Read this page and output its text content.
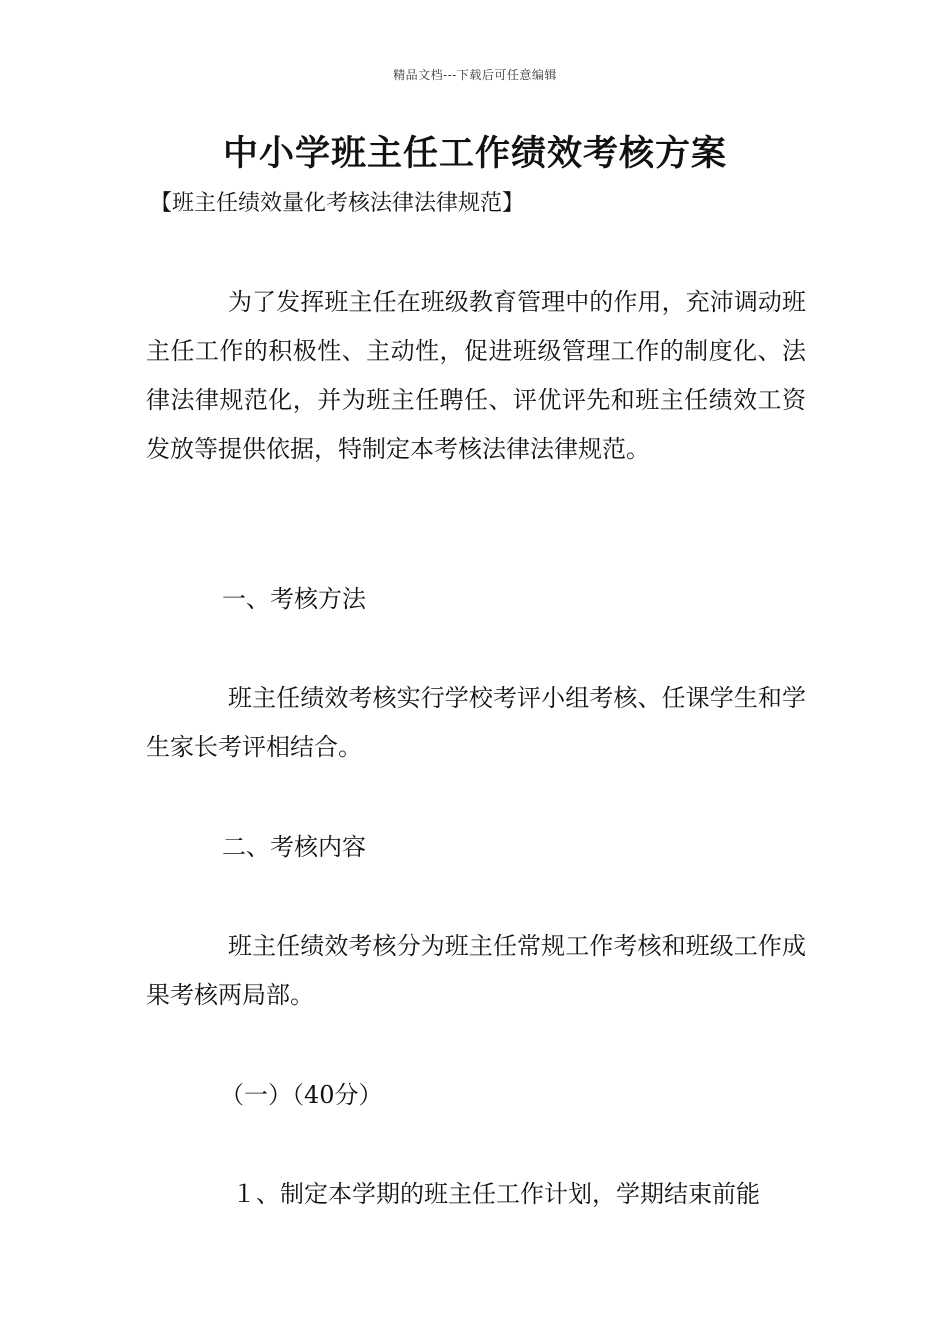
精品文档---下载后可任意编辑
中小学班主任工作绩效考核方案
【班主任绩效量化考核法律法律规范】
为了发挥班主任在班级教育管理中的作用，充沛调动班主任工作的积极性、主动性，促进班级管理工作的制度化、法律法律规范化，并为班主任聘任、评优评先和班主任绩效工资发放等提供依据，特制定本考核法律法律规范。
一、考核方法
班主任绩效考核实行学校考评小组考核、任课学生和学生家长考评相结合。
二、考核内容
班主任绩效考核分为班主任常规工作考核和班级工作成果考核两局部。
（一）（40分）
１、制定本学期的班主任工作计划，学期结束前能
